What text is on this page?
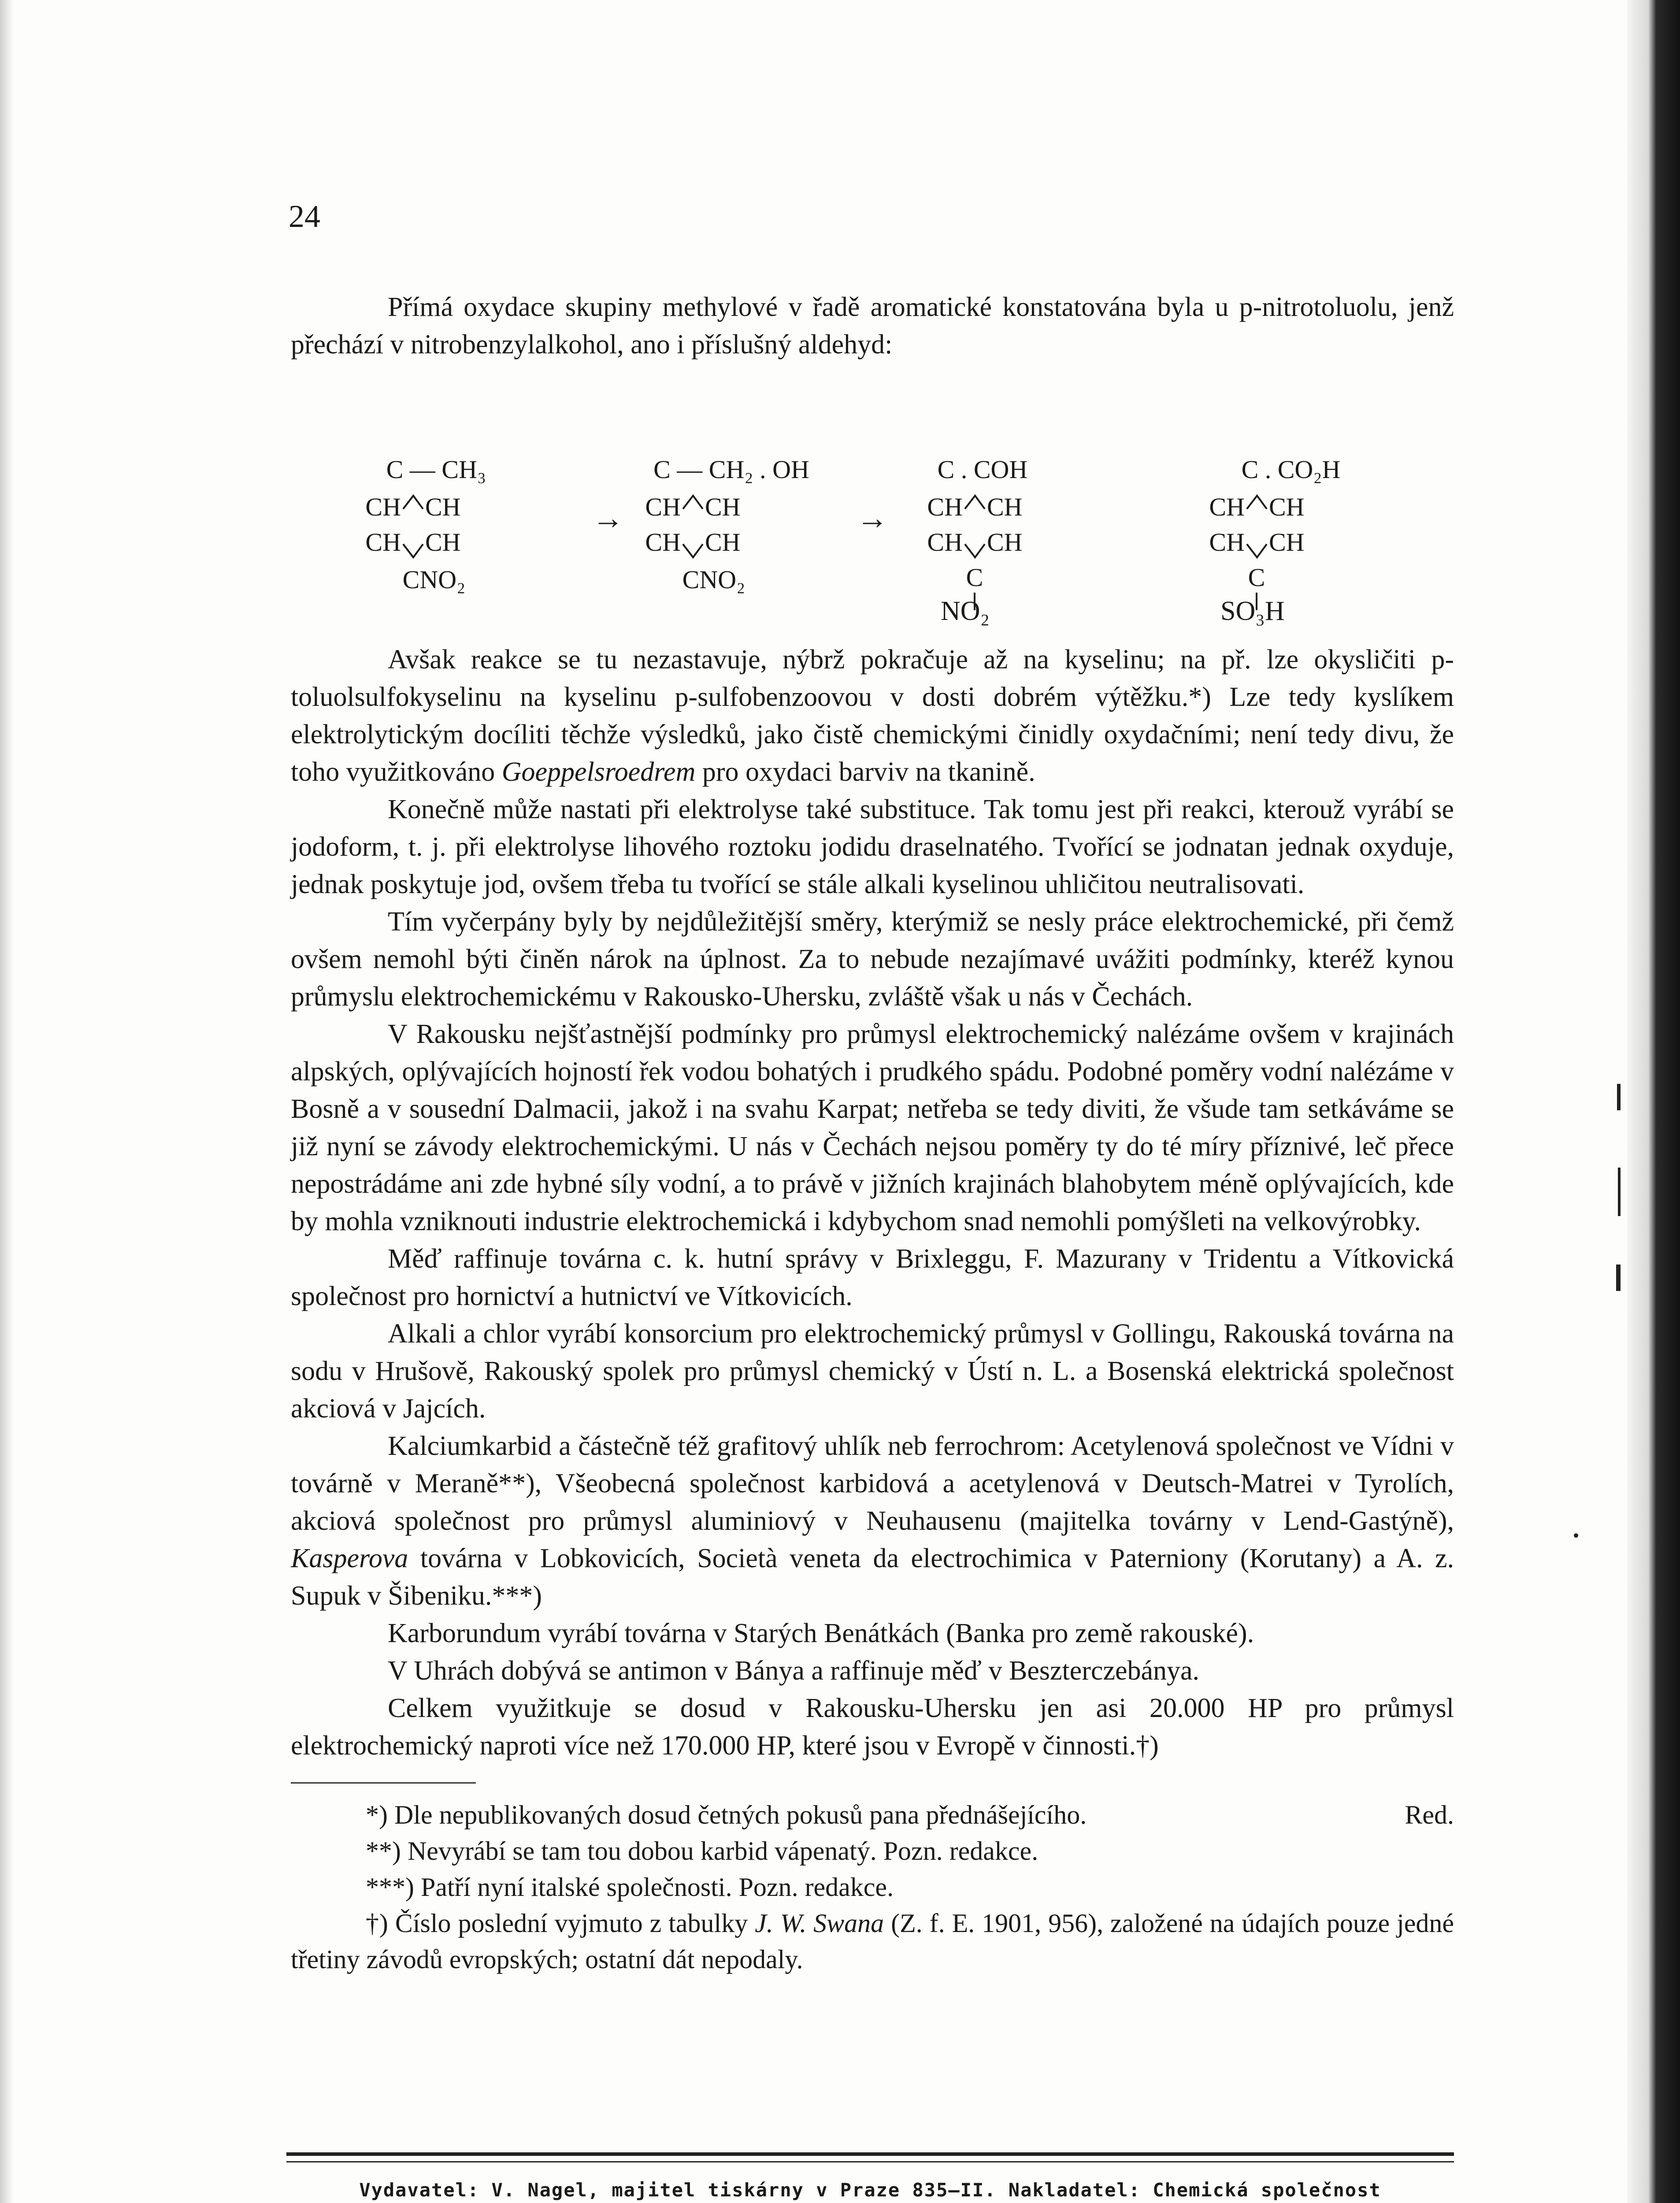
24

Přímá oxydace skupiny methylové v řadě aromatické konstatována byla u p-nitrotoluolu, jenž přechází v nitrobenzylalkohol, ano i příslušný aldehyd:

C — CH₃
CH CH
CH CH
CNO₂
→
C — CH₂ . OH
CH CH
CH CH
CNO₂
→
C . COH
CH CH
CH CH
C
C . CO₂H
CH CH
CH CH
C
NO₂	SO₃H

Avšak reakce se tu nezastavuje, nýbrž pokračuje až na kyselinu; na př. lze okysličiti p-toluolsulfokyselinu na kyselinu p-sulfobenzoovou v dosti dobrém výtěžku.*) Lze tedy kyslíkem elektrolytickým docíliti těchže výsledků, jako čistě chemickými činidly oxydačními; není tedy divu, že toho využitkováno Goeppelsroedrem pro oxydaci barviv na tkanině.

Konečně může nastati při elektrolyse také substituce. Tak tomu jest při reakci, kterouž vyrábí se jodoform, t. j. při elektrolyse lihového roztoku jodidu draselnatého. Tvořící se jodnatan jednak oxyduje, jednak poskytuje jod, ovšem třeba tu tvořící se stále alkali kyselinou uhličitou neutralisovati.

Tím vyčerpány byly by nejdůležitější směry, kterýmiž se nesly práce elektrochemické, při čemž ovšem nemohl býti činěn nárok na úplnost. Za to nebude nezajímavé uvážiti podmínky, kteréž kynou průmyslu elektrochemickému v Rakousko-Uhersku, zvláště však u nás v Čechách.

V Rakousku nejšťastnější podmínky pro průmysl elektrochemický nalézáme ovšem v krajinách alpských, oplývajících hojností řek vodou bohatých i prudkého spádu. Podobné poměry vodní nalézáme v Bosně a v sousední Dalmacii, jakož i na svahu Karpat; netřeba se tedy diviti, že všude tam setkáváme se již nyní se závody elektrochemickými. U nás v Čechách nejsou poměry ty do té míry příznivé, leč přece nepostrádáme ani zde hybné síly vodní, a to právě v jižních krajinách blahobytem méně oplývajících, kde by mohla vzniknouti industrie elektrochemická i kdybychom snad nemohli pomýšleti na velkovýrobky.

Měď raffinuje továrna c. k. hutní správy v Brixleggu, F. Mazurany v Tridentu a Vítkovická společnost pro hornictví a hutnictví ve Vítkovicích.

Alkali a chlor vyrábí konsorcium pro elektrochemický průmysl v Gollingu, Rakouská továrna na sodu v Hrušově, Rakouský spolek pro průmysl chemický v Ústí n. L. a Bosenská elektrická společnost akciová v Jajcích.

Kalciumkarbid a částečně též grafitový uhlík neb ferrochrom: Acetylenová společnost ve Vídni v továrně v Meraně**), Všeobecná společnost karbidová a acetylenová v Deutsch-Matrei v Tyrolích, akciová společnost pro průmysl aluminiový v Neuhausenu (majitelka továrny v Lend-Gastýně), Kasperova továrna v Lobkovicích, Società veneta da electrochimica v Paterniony (Korutany) a A. z. Supuk v Šibeniku.***)

Karborundum vyrábí továrna v Starých Benátkách (Banka pro země rakouské).

V Uhrách dobývá se antimon v Bánya a raffinuje měď v Beszterczebánya.

Celkem využitkuje se dosud v Rakousku-Uhersku jen asi 20.000 HP pro průmysl elektrochemický naproti více než 170.000 HP, které jsou v Evropě v činnosti.†)

*) Dle nepublikovaných dosud četných pokusů pana přednášejícího.	Red.

**) Nevyrábí se tam tou dobou karbid vápenatý. Pozn. redakce.

***) Patří nyní italské společnosti. Pozn. redakce.

†) Číslo poslední vyjmuto z tabulky J. W. Swana (Z. f. E. 1901, 956), založené na údajích pouze jedné třetiny závodů evropských; ostatní dát nepodaly.

Vydavatel: V. Nagel, majitel tiskárny v Praze 835—II. Nakladatel: Chemická společnost
